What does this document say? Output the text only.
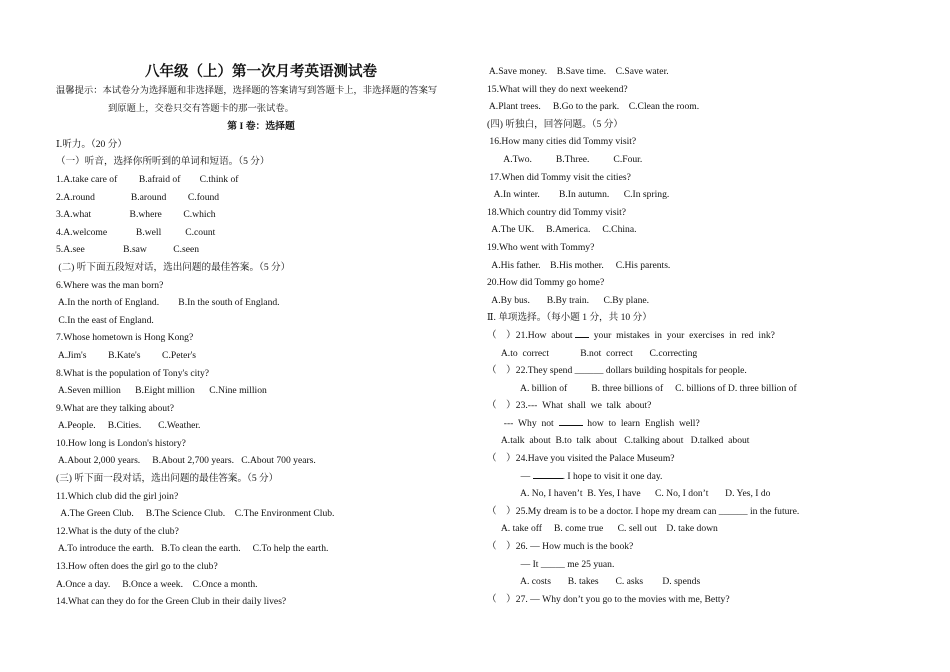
八年级（上）第一次月考英语测试卷
温馨提示：本试卷分为选择题和非选择题，选择题的答案请写到答题卡上，非选择题的答案写
到原题上，交卷只交有答题卡的那一张试卷。
第 I 卷：选择题
Ⅰ.听力。（20 分）
（一）听音，选择你所听到的单词和短语。（5 分）
1.A.take care of         B.afraid of        C.think of
2.A.round               B.around         C.found
3.A.what                B.where         C.which
4.A.welcome            B.well          C.count
5.A.see                B.saw           C.seen
(二) 听下面五段短对话，选出问题的最佳答案。（5 分）
6.Where was the man born?
A.In the north of England.        B.In the south of England.
C.In the east of England.
7.Whose hometown is Hong Kong?
A.Jim's         B.Kate's         C.Peter's
8.What is the population of Tony's city?
A.Seven million      B.Eight million      C.Nine million
9.What are they talking about?
A.People.     B.Cities.       C.Weather.
10.How long is London's history?
A.About 2,000 years.     B.About 2,700 years.   C.About 700 years.
(三) 听下面一段对话，选出问题的最佳答案。（5 分）
11.Which club did the girl join?
A.The Green Club.     B.The Science Club.    C.The Environment Club.
12.What is the duty of the club?
A.To introduce the earth.   B.To clean the earth.     C.To help the earth.
13.How often does the girl go to the club?
A.Once a day.     B.Once a week.    C.Once a month.
14.What can they do for the Green Club in their daily lives?
A.Save money.    B.Save time.    C.Save water.
15.What will they do next weekend?
A.Plant trees.     B.Go to the park.    C.Clean the room.
(四) 听独白，回答问题。（5 分）
16.How many cities did Tommy visit?
A.Two.          B.Three.          C.Four.
17.When did Tommy visit the cities?
A.In winter.        B.In autumn.      C.In spring.
18.Which country did Tommy visit?
A.The UK.     B.America.     C.China.
19.Who went with Tommy?
A.His father.    B.His mother.     C.His parents.
20.How did Tommy go home?
A.By bus.       B.By train.      C.By plane.
Ⅱ. 单项选择。（每小题 1 分，共 10 分）
（    ）21.How  about   your  mistakes  in  your  exercises  in  red  ink?
A.to  correct             B.not  correct       C.correcting
（    ）22.They spend ______ dollars building hospitals for people.
A. billion of          B. three billions of     C. billions of D. three billion of
（    ）23.---  What  shall  we  talk  about?
---  Why  not	how  to  learn  English  well?
A.talk  about  B.to  talk  about   C.talking about   D.talked  about
（    ）24.Have you visited the Palace Museum?
—	. I hope to visit it one day.
A. No, I haven’t  B. Yes, I have      C. No, I don’t       D. Yes, I do
（    ）25.My dream is to be a doctor. I hope my dream can ______ in the future.
A. take off     B. come true      C. sell out    D. take down
（    ）26. — How much is the book?
— It _____ me 25 yuan.
A. costs       B. takes       C. asks        D. spends
（    ）27. — Why don’t you go to the movies with me, Betty?
